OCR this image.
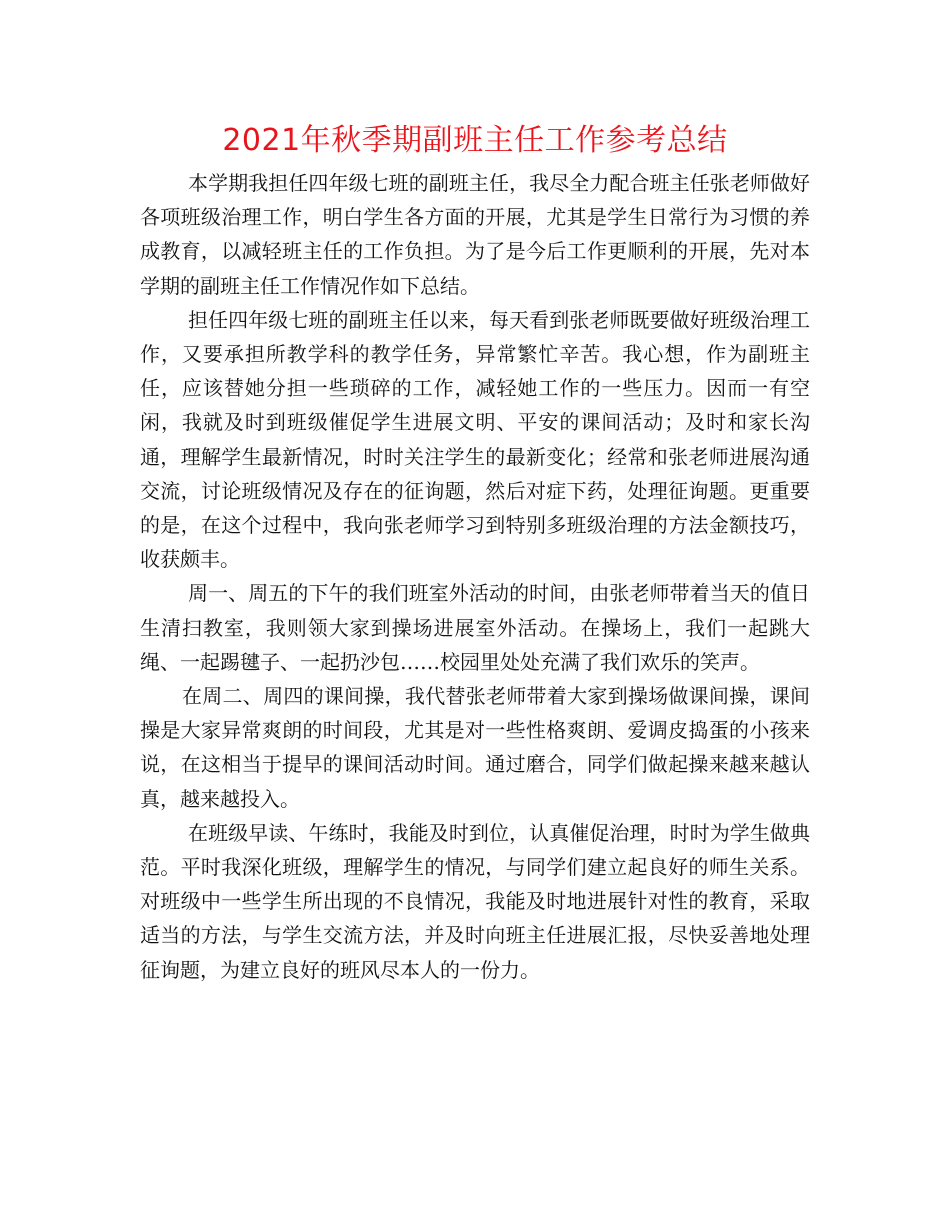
2021年秋季期副班主任工作参考总结

本学期我担任四年级七班的副班主任，我尽全力配合班主任张老师做好各项班级治理工作，明白学生各方面的开展，尤其是学生日常行为习惯的养成教育，以减轻班主任的工作负担。为了是今后工作更顺利的开展，先对本学期的副班主任工作情况作如下总结。

担任四年级七班的副班主任以来，每天看到张老师既要做好班级治理工作，又要承担所教学科的教学任务，异常繁忙辛苦。我心想，作为副班主任，应该替她分担一些琐碎的工作，减轻她工作的一些压力。因而一有空闲，我就及时到班级催促学生进展文明、平安的课间活动；及时和家长沟通，理解学生最新情况，时时关注学生的最新变化；经常和张老师进展沟通交流，讨论班级情况及存在的征询题，然后对症下药，处理征询题。更重要的是，在这个过程中，我向张老师学习到特别多班级治理的方法金额技巧，收获颇丰。

周一、周五的下午的我们班室外活动的时间，由张老师带着当天的值日生清扫教室，我则领大家到操场进展室外活动。在操场上，我们一起跳大绳、一起踢毽子、一起扔沙包……校园里处处充满了我们欢乐的笑声。

在周二、周四的课间操，我代替张老师带着大家到操场做课间操，课间操是大家异常爽朗的时间段，尤其是对一些性格爽朗、爱调皮捣蛋的小孩来说，在这相当于提早的课间活动时间。通过磨合，同学们做起操来越来越认真，越来越投入。

在班级早读、午练时，我能及时到位，认真催促治理，时时为学生做典范。平时我深化班级，理解学生的情况，与同学们建立起良好的师生关系。对班级中一些学生所出现的不良情况，我能及时地进展针对性的教育，采取适当的方法，与学生交流方法，并及时向班主任进展汇报，尽快妥善地处理征询题，为建立良好的班风尽本人的一份力。
